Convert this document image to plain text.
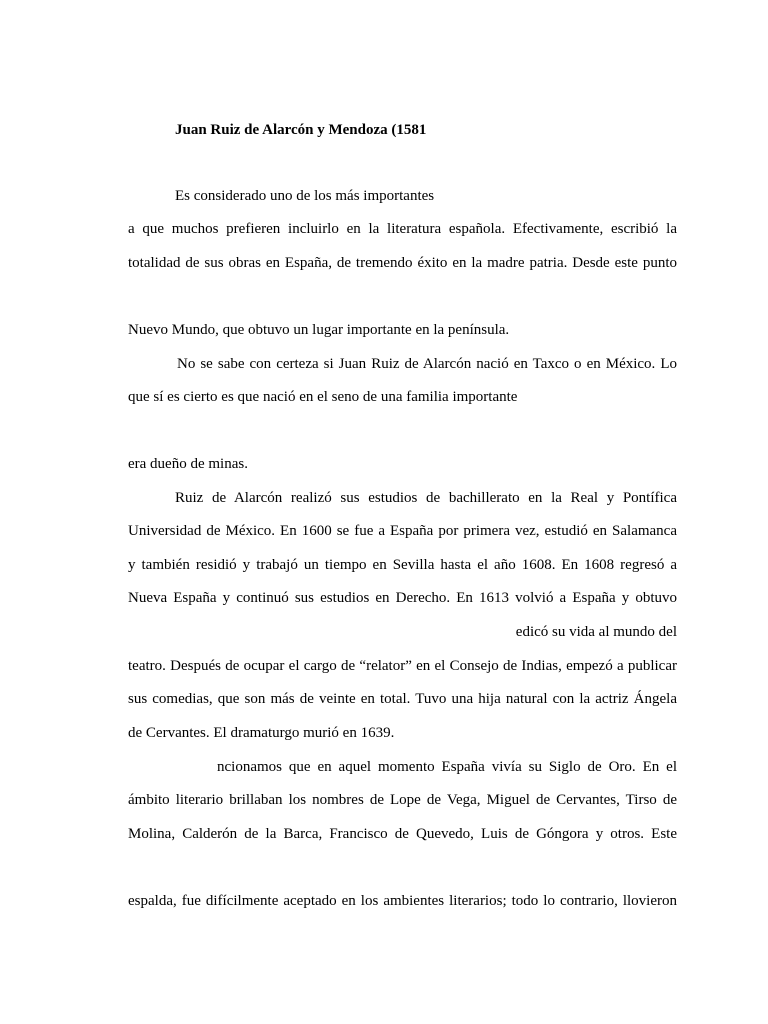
Juan Ruiz de Alarcón y Mendoza (1581
Es considerado uno de los más importantes
a que muchos prefieren incluirlo en la literatura española. Efectivamente, escribió la
totalidad de sus obras en España, de tremendo éxito en la madre patria. Desde este punto
Nuevo Mundo, que obtuvo un lugar importante en la península.
No se sabe con certeza si Juan Ruiz de Alarcón nació en Taxco o en México. Lo
que sí es cierto es que nació en el seno de una familia importante
era dueño de minas.
Ruiz de Alarcón realizó sus estudios de bachillerato en la Real y Pontífica
Universidad de México. En 1600 se fue a España por primera vez, estudió en Salamanca
y también residió y trabajó un tiempo en Sevilla hasta el año 1608. En 1608 regresó a
Nueva España y continuó sus estudios en Derecho. En 1613 volvió a España y obtuvo
edicó su vida al mundo del
teatro. Después de ocupar el cargo de “relator” en el Consejo de Indias, empezó a publicar
sus comedias, que son más de veinte en total. Tuvo una hija natural con la actriz Ángela
de Cervantes. El dramaturgo murió en 1639.
ncionamos que en aquel momento España vivía su Siglo de Oro. En el
ámbito literario brillaban los nombres de Lope de Vega, Miguel de Cervantes, Tirso de
Molina, Calderón de la Barca, Francisco de Quevedo, Luis de Góngora y otros. Este
espalda, fue difícilmente aceptado en los ambientes literarios; todo lo contrario, llovieron
